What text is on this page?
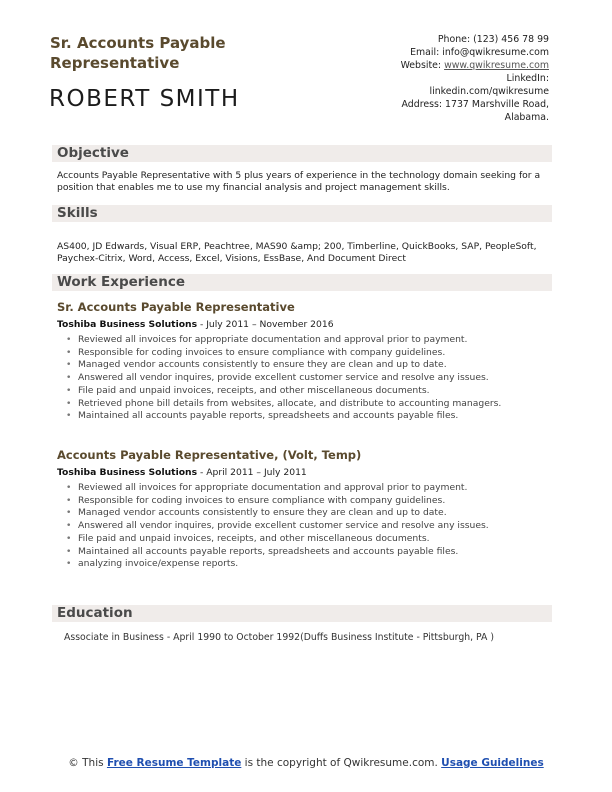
Sr. Accounts Payable Representative
ROBERT SMITH
Phone: (123) 456 78 99
Email: info@qwikresume.com
Website: www.qwikresume.com
LinkedIn:
linkedin.com/qwikresume
Address: 1737 Marshville Road,
Alabama.
Objective
Accounts Payable Representative with 5 plus years of experience in the technology domain seeking for a position that enables me to use my financial analysis and project management skills.
Skills
AS400, JD Edwards, Visual ERP, Peachtree, MAS90 &amp; 200, Timberline, QuickBooks, SAP, PeopleSoft, Paychex-Citrix, Word, Access, Excel, Visions, EssBase, And Document Direct
Work Experience
Sr. Accounts Payable Representative
Toshiba Business Solutions - July 2011 – November 2016
• Reviewed all invoices for appropriate documentation and approval prior to payment.
• Responsible for coding invoices to ensure compliance with company guidelines.
• Managed vendor accounts consistently to ensure they are clean and up to date.
• Answered all vendor inquires, provide excellent customer service and resolve any issues.
• File paid and unpaid invoices, receipts, and other miscellaneous documents.
• Retrieved phone bill details from websites, allocate, and distribute to accounting managers.
• Maintained all accounts payable reports, spreadsheets and accounts payable files.
Accounts Payable Representative, (Volt, Temp)
Toshiba Business Solutions - April 2011 – July 2011
• Reviewed all invoices for appropriate documentation and approval prior to payment.
• Responsible for coding invoices to ensure compliance with company guidelines.
• Managed vendor accounts consistently to ensure they are clean and up to date.
• Answered all vendor inquires, provide excellent customer service and resolve any issues.
• File paid and unpaid invoices, receipts, and other miscellaneous documents.
• Maintained all accounts payable reports, spreadsheets and accounts payable files.
• analyzing invoice/expense reports.
Education
Associate in Business - April 1990 to October 1992(Duffs Business Institute - Pittsburgh, PA )
© This Free Resume Template is the copyright of Qwikresume.com. Usage Guidelines
